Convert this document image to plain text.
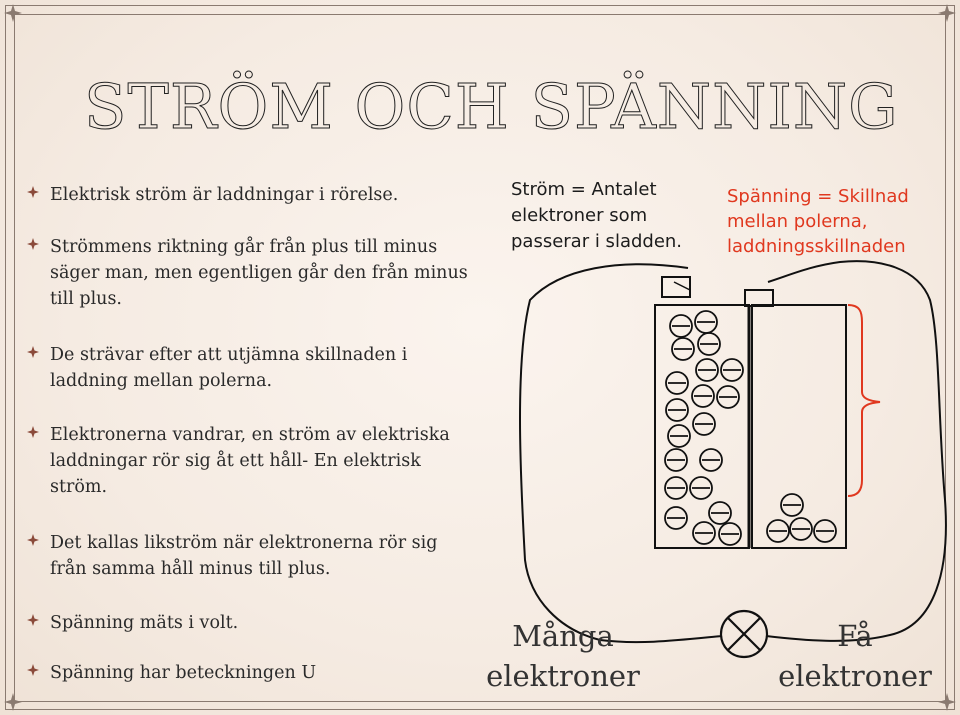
STRÖM OCH SPÄNNING
Elektrisk ström är laddningar i rörelse.
Strömmens riktning går från plus till minus
säger man, men egentligen går den från minus
till plus.
De strävar efter att utjämna skillnaden i
laddning mellan polerna.
Elektronerna vandrar, en ström av elektriska
laddningar rör sig åt ett håll- En elektrisk
ström.
Det kallas likström när elektronerna rör sig
från samma håll minus till plus.
Spänning mäts i volt.
Spänning har beteckningen U
Ström = Antalet
elektroner som
passerar i sladden.
Spänning = Skillnad
mellan polerna,
laddningsskillnaden
Många
elektroner
Få
elektroner
